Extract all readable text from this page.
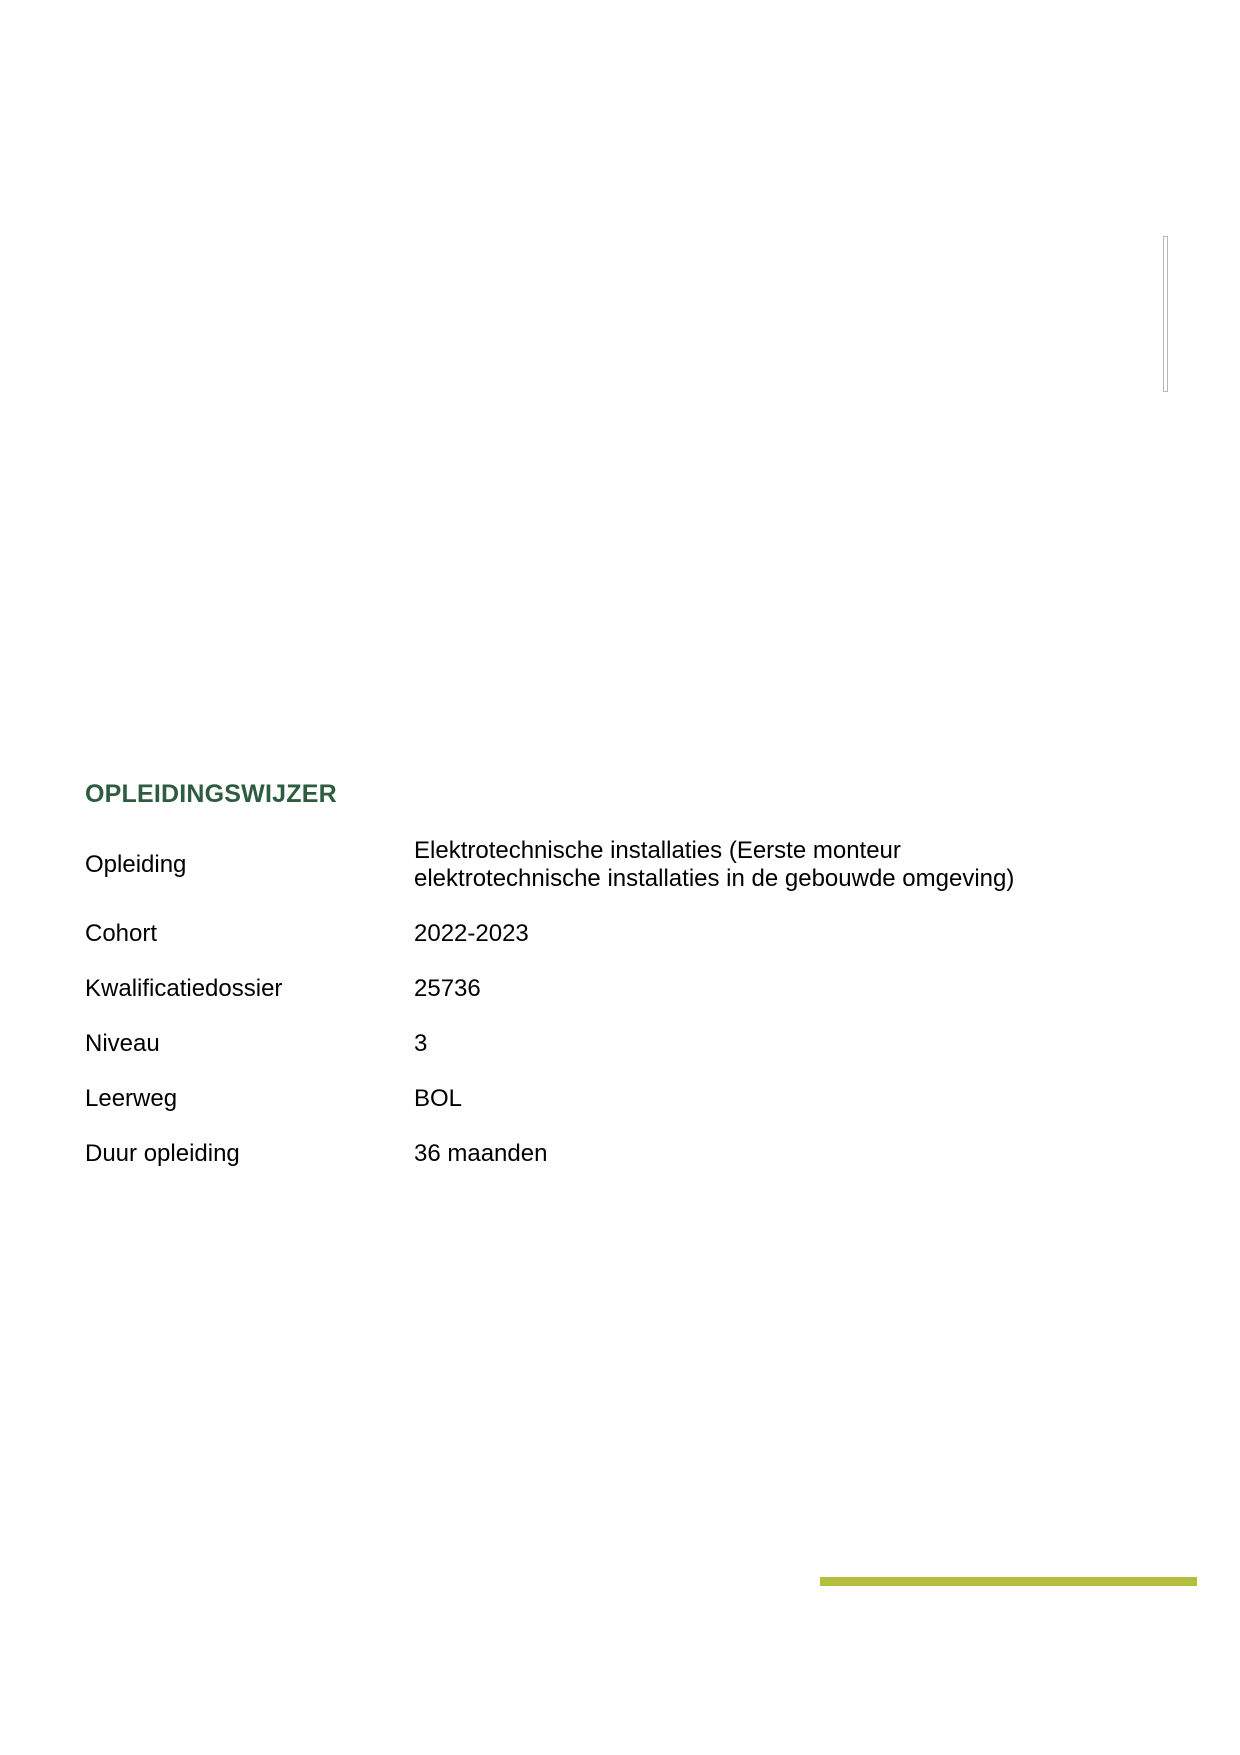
OPLEIDINGSWIJZER
Opleiding	Elektrotechnische installaties (Eerste monteur elektrotechnische installaties in de gebouwde omgeving)
Cohort	2022-2023
Kwalificatiedossier	25736
Niveau	3
Leerweg	BOL
Duur opleiding	36 maanden
